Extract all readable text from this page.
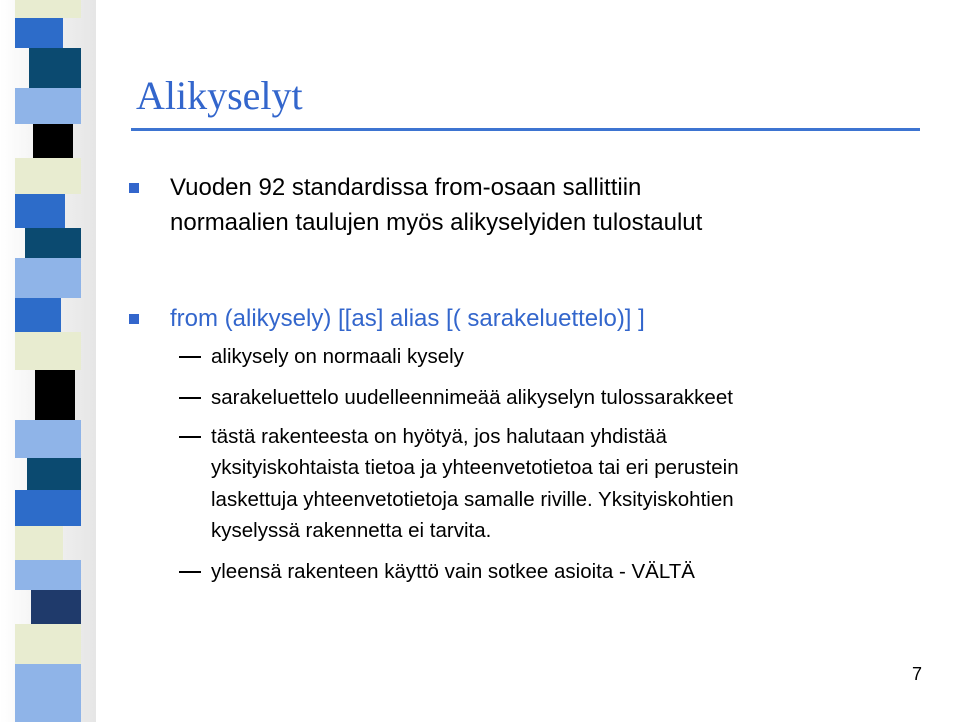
Alikyselyt
Vuoden 92 standardissa from-osaan sallittiin
normaalien taulujen myös alikyselyiden tulostaulut
from (alikysely) [[as] alias [( sarakeluettelo)] ]
alikysely on normaali kysely
sarakeluettelo uudelleennimeää alikyselyn tulossarakkeet
tästä rakenteesta on hyötyä, jos halutaan yhdistää
yksityiskohtaista tietoa ja yhteenvetotietoa tai eri perustein
laskettuja yhteenvetotietoja samalle riville. Yksityiskohtien
kyselyssä rakennetta ei tarvita.
yleensä rakenteen käyttö vain sotkee asioita - VÄLTÄ
7
